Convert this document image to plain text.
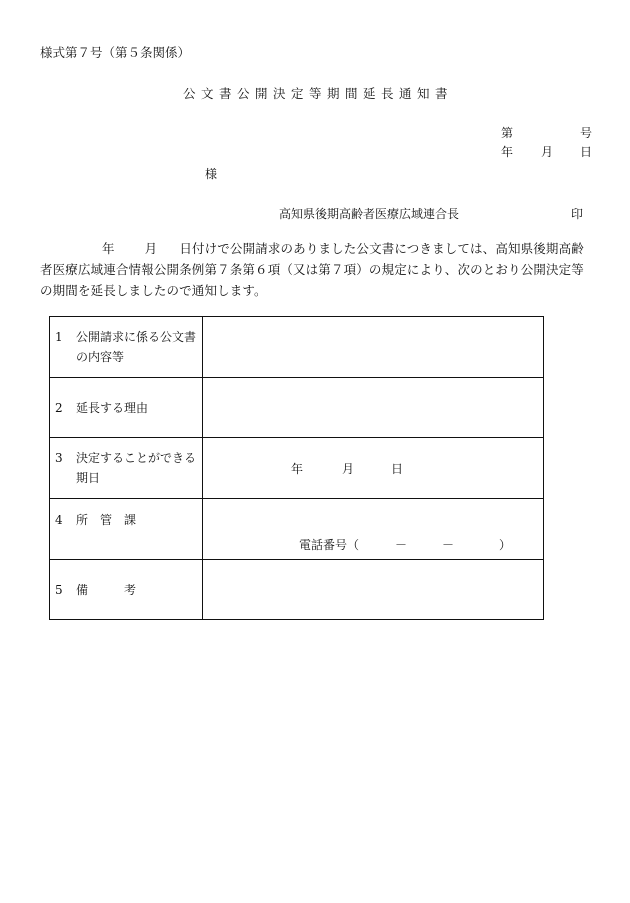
様式第７号（第５条関係）
公文書公開決定等期間延長通知書
第	号
年 月 日
様
高知県後期高齢者医療広域連合長	印
年 月 日付けで公開請求のありました公文書につきましては、高知県後期高齢者医療広域連合情報公開条例第７条第６項（又は第７項）の規定により、次のとおり公開決定等の期間を延長しましたので通知します。
1 公開請求に係る公文書の内容等	

2 延長する理由	

3 決定することができる期日	年 月 日

4 所　管　課	電話番号（ － － ）

5 備　　　考	
